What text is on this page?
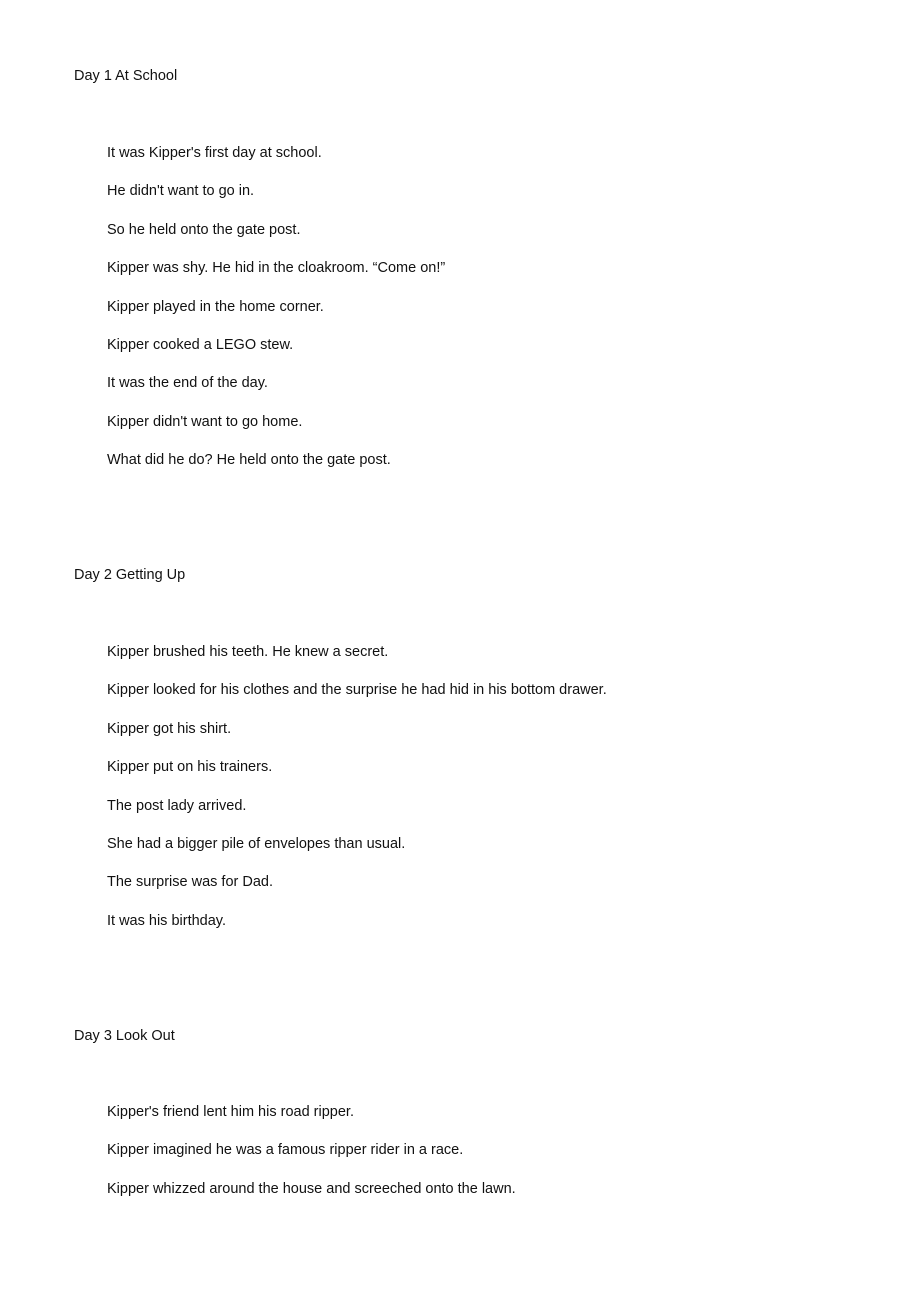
Day 1 At School
It was Kipper's first day at school.
He didn't want to go in.
So he held onto the gate post.
Kipper was shy. He hid in the cloakroom. “Come on!”
Kipper played in the home corner.
Kipper cooked a LEGO stew.
It was the end of the day.
Kipper didn't want to go home.
What did he do? He held onto the gate post.
Day 2 Getting Up
Kipper brushed his teeth. He knew a secret.
Kipper looked for his clothes and the surprise he had hid in his bottom drawer.
Kipper got his shirt.
Kipper put on his trainers.
The post lady arrived.
She had a bigger pile of envelopes than usual.
The surprise was for Dad.
It was his birthday.
Day 3 Look Out
Kipper's friend lent him his road ripper.
Kipper imagined he was a famous ripper rider in a race.
Kipper whizzed around the house and screeched onto the lawn.
